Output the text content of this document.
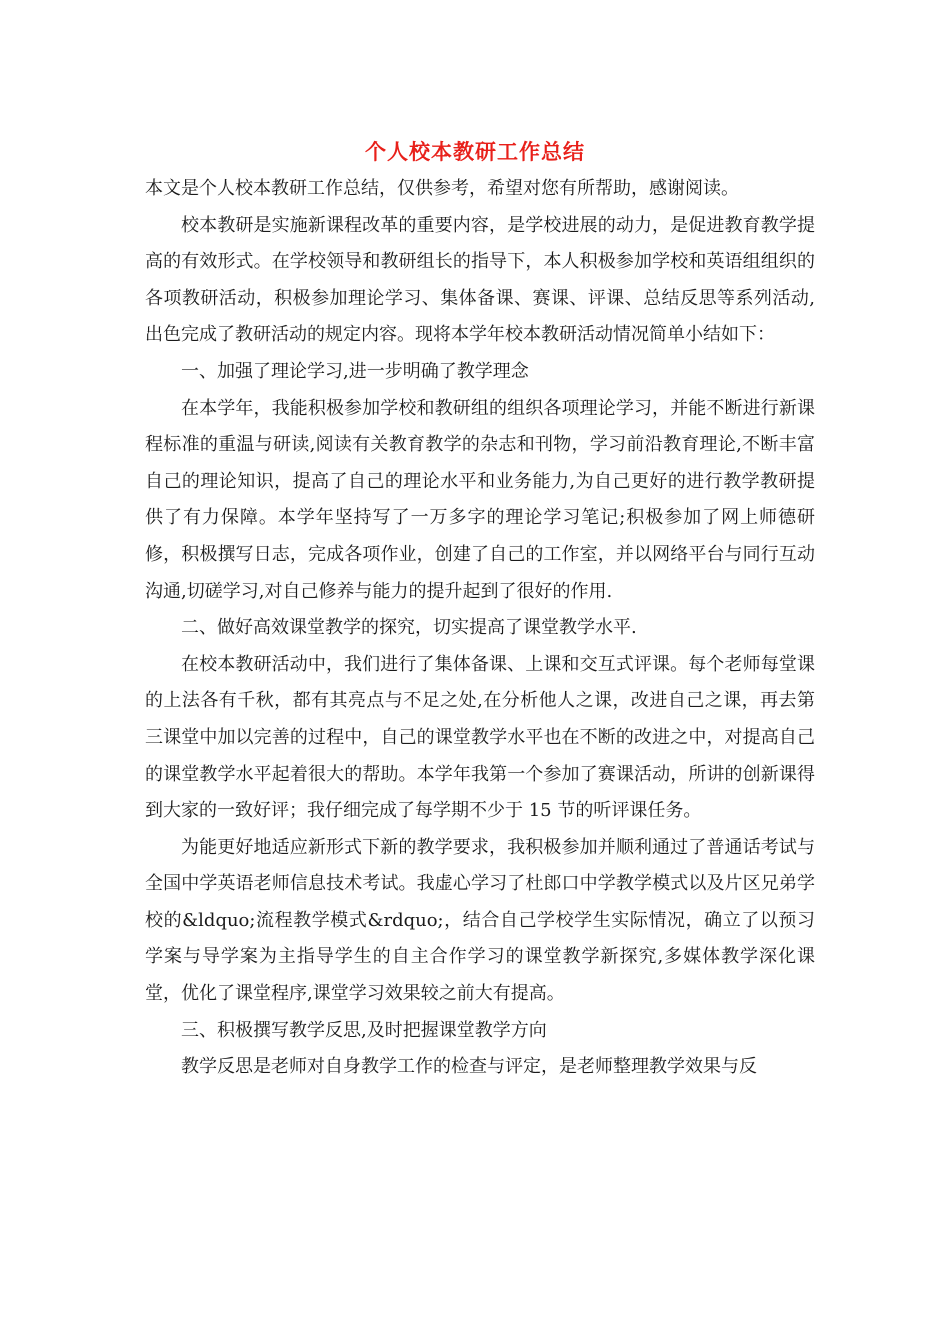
个人校本教研工作总结

本文是个人校本教研工作总结，仅供参考，希望对您有所帮助，感谢阅读。

校本教研是实施新课程改革的重要内容，是学校进展的动力，是促进教育教学提高的有效形式。在学校领导和教研组长的指导下，本人积极参加学校和英语组组织的各项教研活动，积极参加理论学习、集体备课、赛课、评课、总结反思等系列活动,出色完成了教研活动的规定内容。现将本学年校本教研活动情况简单小结如下：

一、加强了理论学习,进一步明确了教学理念

在本学年，我能积极参加学校和教研组的组织各项理论学习，并能不断进行新课程标准的重温与研读,阅读有关教育教学的杂志和刊物，学习前沿教育理论,不断丰富自己的理论知识，提高了自己的理论水平和业务能力,为自己更好的进行教学教研提供了有力保障。本学年坚持写了一万多字的理论学习笔记;积极参加了网上师德研修，积极撰写日志，完成各项作业，创建了自己的工作室，并以网络平台与同行互动沟通,切磋学习,对自己修养与能力的提升起到了很好的作用.

二、做好高效课堂教学的探究，切实提高了课堂教学水平.

在校本教研活动中，我们进行了集体备课、上课和交互式评课。每个老师每堂课的上法各有千秋，都有其亮点与不足之处,在分析他人之课，改进自己之课，再去第三课堂中加以完善的过程中，自己的课堂教学水平也在不断的改进之中，对提高自己的课堂教学水平起着很大的帮助。本学年我第一个参加了赛课活动，所讲的创新课得到大家的一致好评；我仔细完成了每学期不少于 15 节的听评课任务。

为能更好地适应新形式下新的教学要求，我积极参加并顺利通过了普通话考试与全国中学英语老师信息技术考试。我虚心学习了杜郎口中学教学模式以及片区兄弟学校的&ldquo;流程教学模式&rdquo;，结合自己学校学生实际情况，确立了以预习学案与导学案为主指导学生的自主合作学习的课堂教学新探究,多媒体教学深化课堂，优化了课堂程序,课堂学习效果较之前大有提高。

三、积极撰写教学反思,及时把握课堂教学方向

教学反思是老师对自身教学工作的检查与评定，是老师整理教学效果与反
